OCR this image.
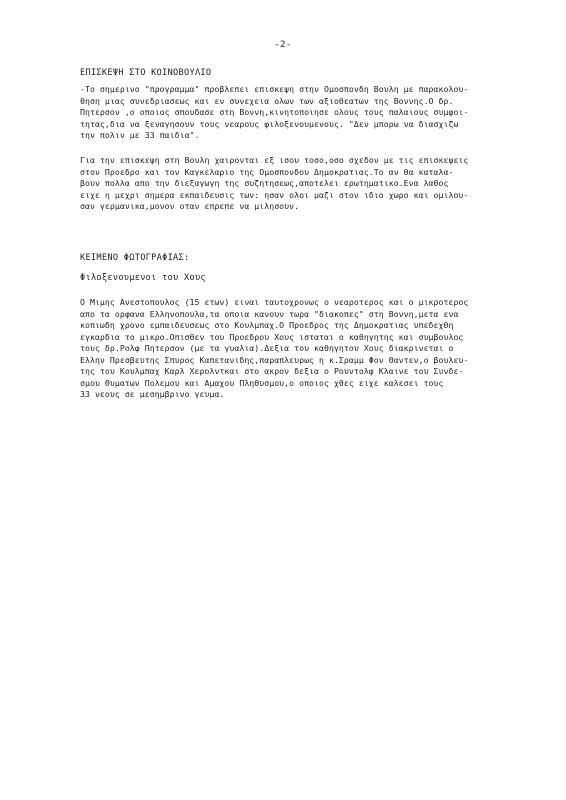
-2-
ΕΠΙΣΚΕΨΗ ΣΤΟ ΚΟΙΝΟΒΟΥΛΙΟ
-Το σημερινο "προγραμμα" προβλεπει επισκεψη στην Ομοσπονδη Βουλη με παρακολου-
θηση μιας συνεδριασεως και εν συνεχεια ολων των αξιοθεατων της Βοννης.Ο δρ.
Πητερσον ,ο οποιος σπουδασε στη Βοννη,κινητοποιησε ολους τους παλαιους συμφοι-
τητας,δια να ξεναγησουν τους νεαρους φιλοξενουμενους. "Δεν μπορω να διασχιζω
την πολιν με 33 παιδια".
Για την επισκεψη στη Βουλη χαιρονται εξ ισου τοσο,οσο σχεδον με τις επισκεψεις
στον Προεδρο και τον Καγκελαριο της Ομοσπονδου Δημοκρατιας.Το αν θα καταλα-
βουν πολλα απο την διεξαγωγη της συζητησεως,αποτελει ερωτηματικο.Ενα λαθος
ειχε η μεχρι σημερα εκπαιδευσις των: ησαν ολοι μαζι στον ιδιο χωρο και ομιλου-
σαν γερμανικα,μονον οταν επρεπε να μιλησουν.
ΚΕΙΜΕΝΟ ΦΩΤΟΓΡΑΦΙΑΣ:
Φιλοξενουμενοι του Χους
Ο Μιμης Ανεστοπουλος (15 ετων) ειναι ταυτοχρονως ο νεαροτερος και ο μικροτερος
απο τα ορφανα Ελληνοπουλα,τα οποια κανουν τωρα "διακοπες" στη Βοννη,μετα ενα
κοπιωδη χρονο εμπαιδευσεως στο Κουλμπαχ.Ο Προεδρος της Δημοκρατιας υπεδεχθη
εγκαρδια το μικρο.Οπισθεν του Προεδρου Χους ισταται ο καθηγητης και συμβουλος
τους δρ.Ρολφ Πητερσον (με τα γυαλια).Δεξια του καθηγητου Χους διακρινεται ο
Ελλην Πρεσβευτης Σπυρος Καπετανιδης,παραπλευρως η κ.Σραμμ Φον Θαντεν,ο βουλευ-
της του Κουλμπαχ Καρλ Χερολντκαι στο ακρον δεξια ο Ρουντολφ Κλαινε του Συνδε-
σμου Θυματων Πολεμου και Αμαχου Πληθυσμου,ο οποιος χθες ειχε καλεσει τους
33 νεους σε μεσημβρινο γευμα.
